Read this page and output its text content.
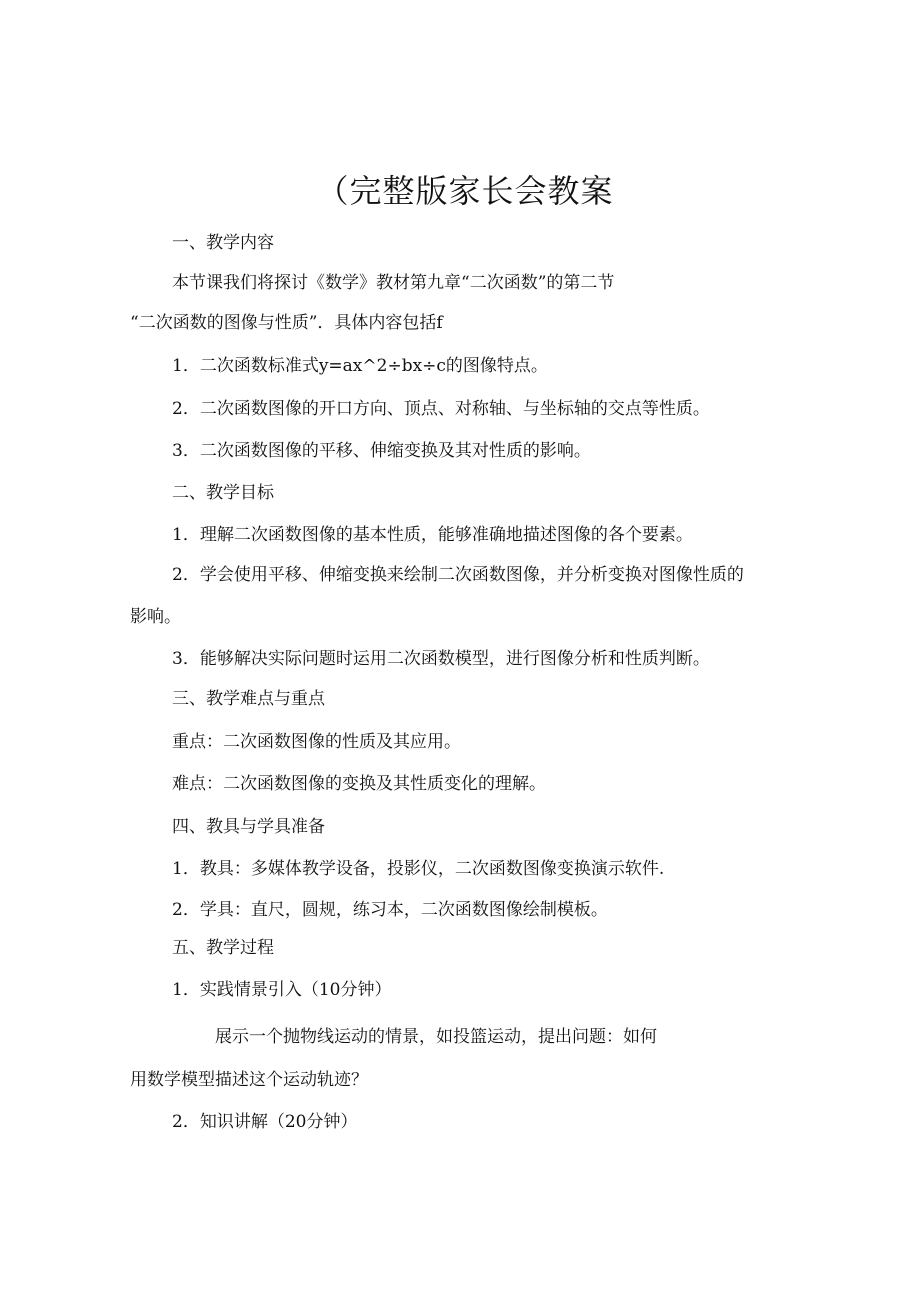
（完整版家长会教案
一、教学内容
本节课我们将探讨《数学》教材第九章“二次函数”的第二节
“二次函数的图像与性质”．具体内容包括f
1．二次函数标准式y=ax^2÷bx÷c的图像特点。
2．二次函数图像的开口方向、顶点、对称轴、与坐标轴的交点等性质。
3．二次函数图像的平移、伸缩变换及其对性质的影响。
二、教学目标
1．理解二次函数图像的基本性质，能够准确地描述图像的各个要素。
2．学会使用平移、伸缩变换来绘制二次函数图像，并分析变换对图像性质的
影响。
3．能够解决实际问题时运用二次函数模型，进行图像分析和性质判断。
三、教学难点与重点
重点：二次函数图像的性质及其应用。
难点：二次函数图像的变换及其性质变化的理解。
四、教具与学具准备
1．教具：多媒体教学设备，投影仪，二次函数图像变换演示软件.
2．学具：直尺，圆规，练习本，二次函数图像绘制模板。
五、教学过程
1．实践情景引入（10分钟）
展示一个抛物线运动的情景，如投篮运动，提出问题：如何
用数学模型描述这个运动轨迹？
2．知识讲解（20分钟）
